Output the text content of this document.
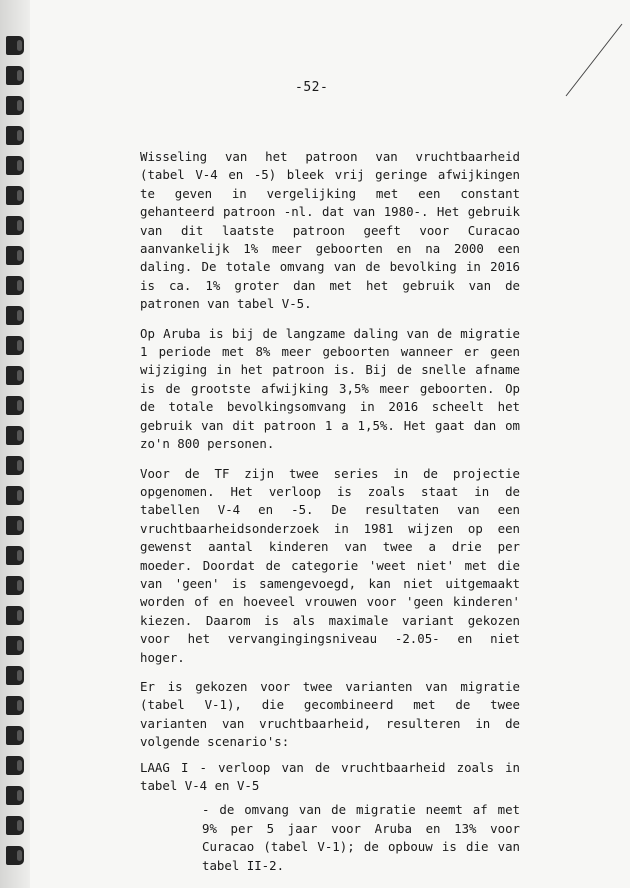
-52-

Wisseling van het patroon van vruchtbaarheid (tabel V-4 en -5) bleek vrij geringe afwijkingen te geven in vergelijking met een constant gehanteerd patroon -nl. dat van 1980-. Het gebruik van dit laatste patroon geeft voor Curacao aanvankelijk 1% meer geboorten en na 2000 een daling. De totale omvang van de bevolking in 2016 is ca. 1% groter dan met het gebruik van de patronen van tabel V-5.

Op Aruba is bij de langzame daling van de migratie 1 periode met 8% meer geboorten wanneer er geen wijziging in het patroon is. Bij de snelle afname is de grootste afwijking 3,5% meer geboorten. Op de totale bevolkingsomvang in 2016 scheelt het gebruik van dit patroon 1 a 1,5%. Het gaat dan om zo'n 800 personen.

Voor de TF zijn twee series in de projectie opgenomen. Het verloop is zoals staat in de tabellen V-4 en -5. De resultaten van een vruchtbaarheidsonderzoek in 1981 wijzen op een gewenst aantal kinderen van twee a drie per moeder. Doordat de categorie 'weet niet' met die van 'geen' is samengevoegd, kan niet uitgemaakt worden of en hoeveel vrouwen voor 'geen kinderen' kiezen. Daarom is als maximale variant gekozen voor het vervangingingsniveau -2.05- en niet hoger.

Er is gekozen voor twee varianten van migratie (tabel V-1), die gecombineerd met de twee varianten van vruchtbaarheid, resulteren in de volgende scenario's:

LAAG I - verloop van de vruchtbaarheid zoals in tabel V-4 en V-5

- de omvang van de migratie neemt af met 9% per 5 jaar voor Aruba en 13% voor Curacao (tabel V-1); de opbouw is die van tabel II-2.
